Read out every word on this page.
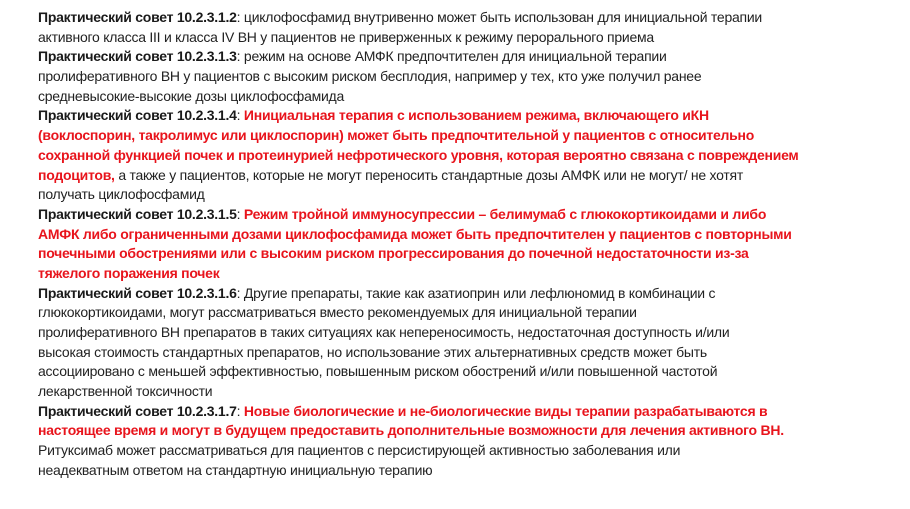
Практический совет 10.2.3.1.2: циклофосфамид внутривенно может быть использован для инициальной терапии
активного класса III и класса IV ВН у пациентов не приверженных к режиму перорального приема
Практический совет 10.2.3.1.3: режим на основе АМФК предпочтителен для инициальной терапии
пролиферативного ВН у пациентов с высоким риском бесплодия, например у тех, кто уже получил ранее
средневысокие-высокие дозы циклофосфамида
Практический совет 10.2.3.1.4: Инициальная терапия с использованием режима, включающего иКН
(воклоспорин, такролимус или циклоспорин) может быть предпочтительной у пациентов с относительно
сохранной функцией почек и протеинурией нефротического уровня, которая вероятно связана с повреждением
подоцитов, а также у пациентов, которые не могут переносить стандартные дозы АМФК или не могут/ не хотят
получать циклофосфамид
Практический совет 10.2.3.1.5: Режим тройной иммуносупрессии – белимумаб с глюкокортикоидами и либо
АМФК либо ограниченными дозами циклофосфамида может быть предпочтителен у пациентов с повторными
почечными обострениями или с высоким риском прогрессирования до почечной недостаточности из-за
тяжелого поражения почек
Практический совет 10.2.3.1.6: Другие препараты, такие как азатиоприн или лефлюномид в комбинации с
глюкокортикоидами, могут рассматриваться вместо рекомендуемых для инициальной терапии
пролиферативного ВН препаратов в таких ситуациях как непереносимость, недостаточная доступность и/или
высокая стоимость стандартных препаратов, но использование этих альтернативных средств может быть
ассоциировано с меньшей эффективностью, повышенным риском обострений и/или повышенной частотой
лекарственной токсичности
Практический совет 10.2.3.1.7: Новые биологические и не-биологические виды терапии разрабатываются в
настоящее время и могут в будущем предоставить дополнительные возможности для лечения активного ВН.
Ритуксимаб может рассматриваться для пациентов с персистирующей активностью заболевания или
неадекватным ответом на стандартную инициальную терапию
